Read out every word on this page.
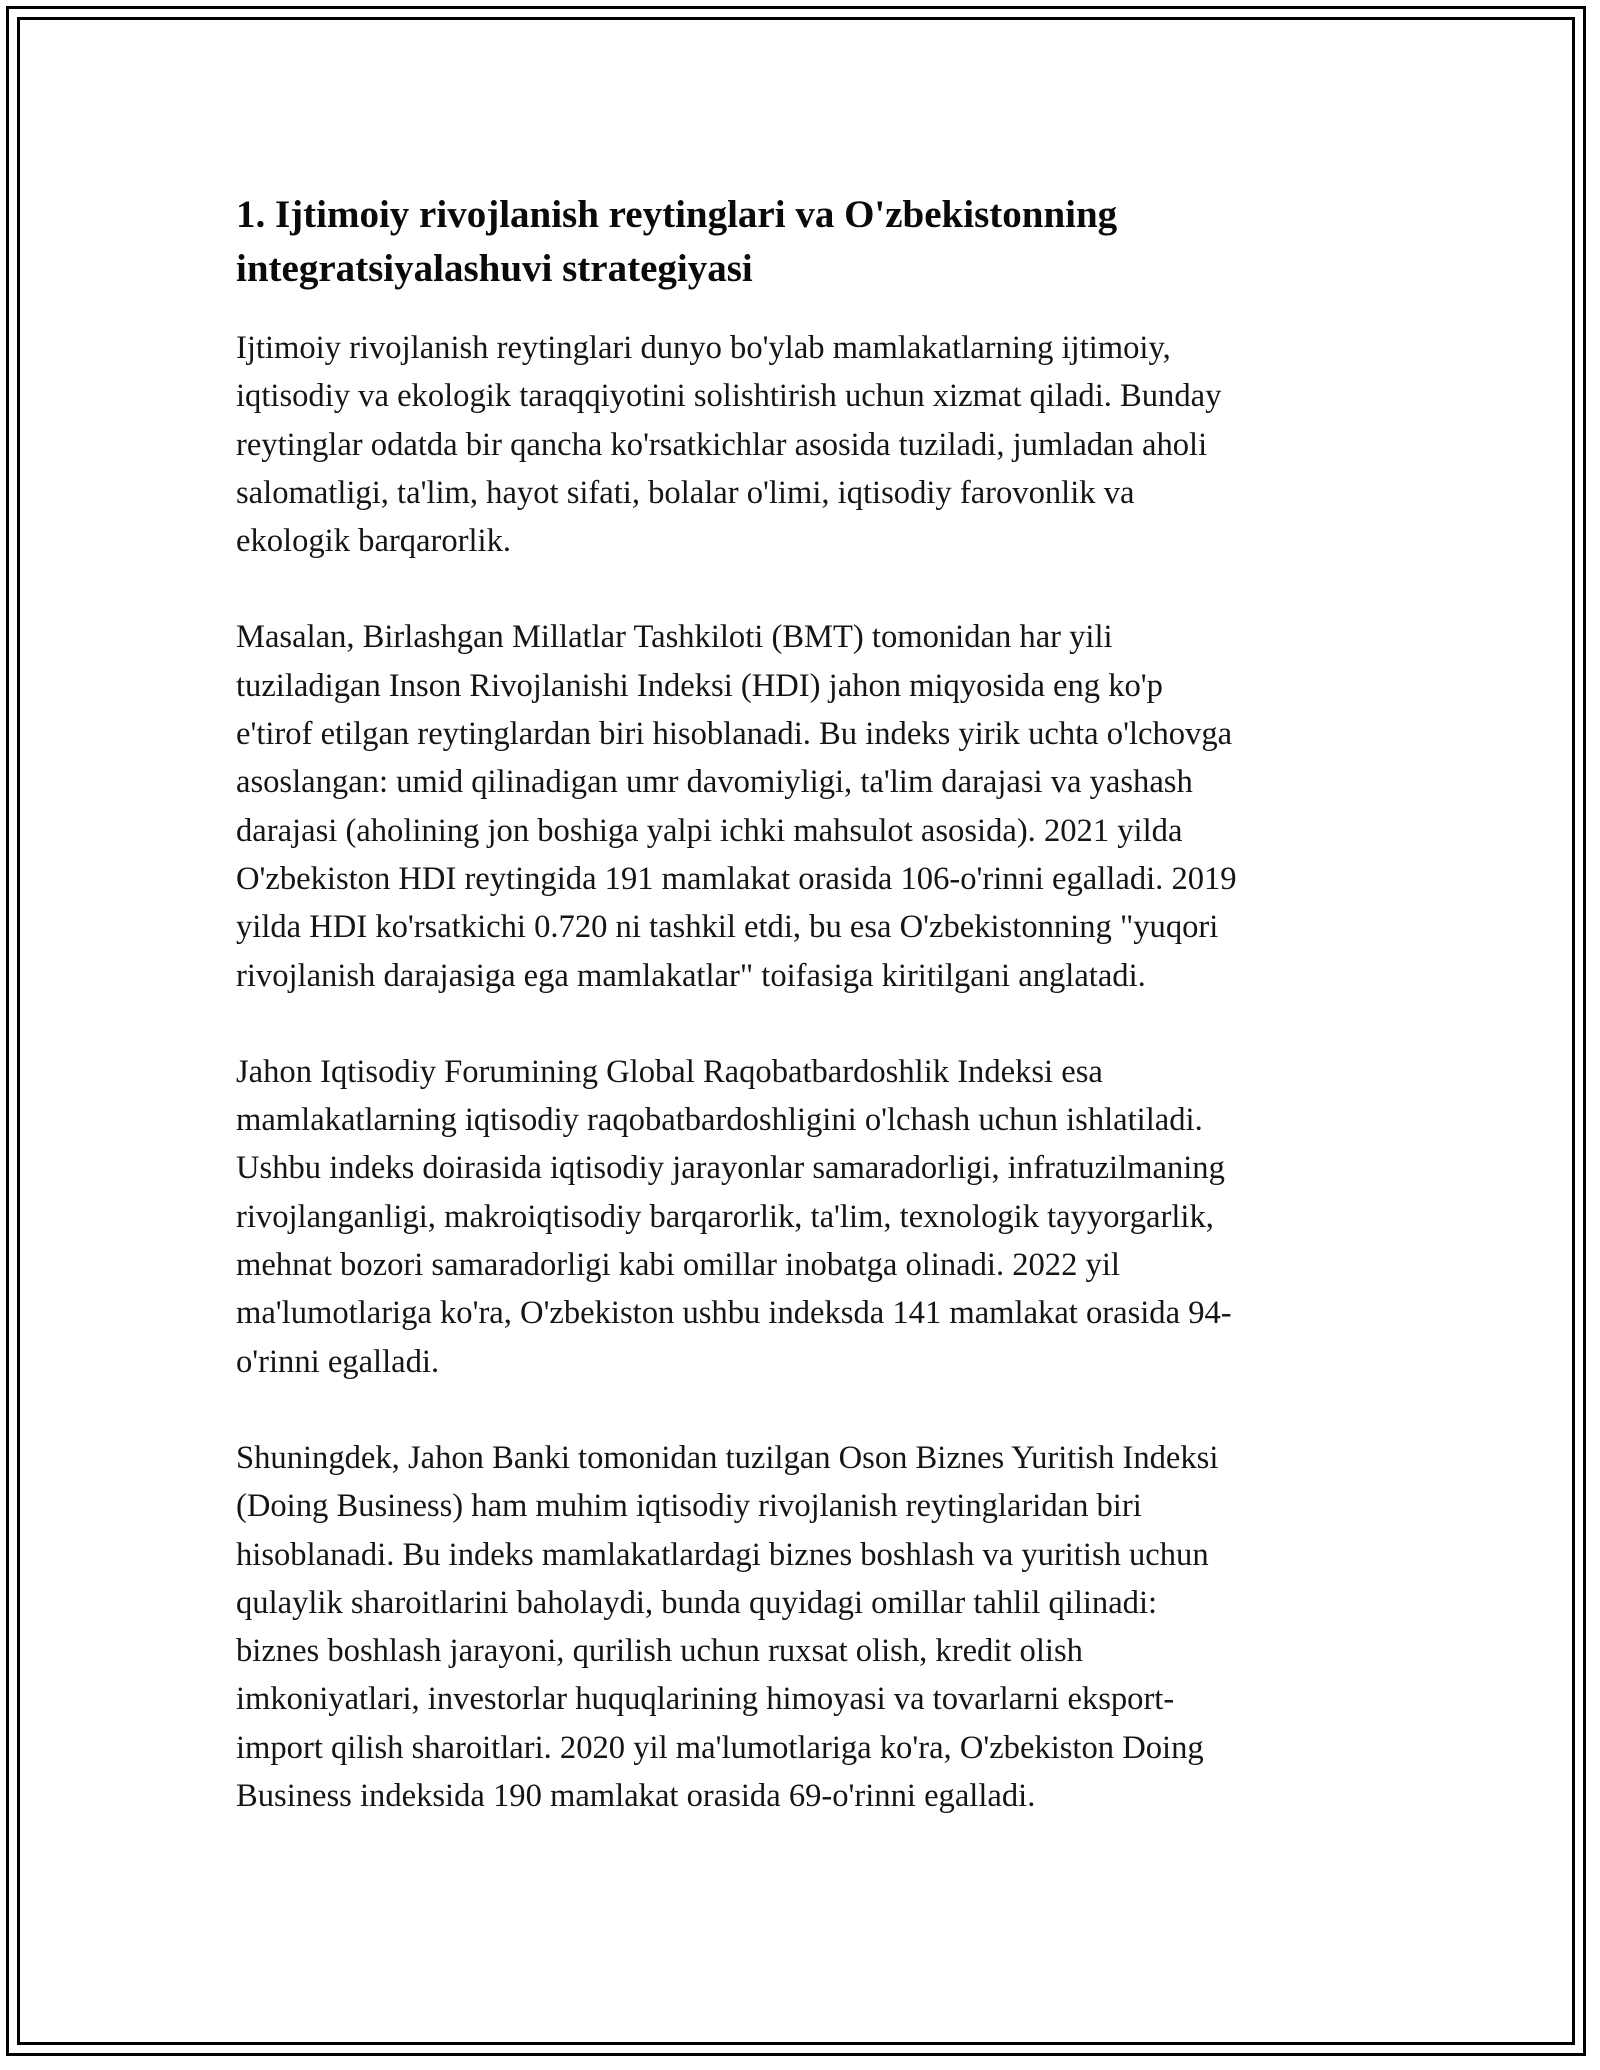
1. Ijtimoiy rivojlanish reytinglari va O'zbekistonning
integratsiyalashuvi strategiyasi

Ijtimoiy rivojlanish reytinglari dunyo bo'ylab mamlakatlarning ijtimoiy,
iqtisodiy va ekologik taraqqiyotini solishtirish uchun xizmat qiladi. Bunday
reytinglar odatda bir qancha ko'rsatkichlar asosida tuziladi, jumladan aholi
salomatligi, ta'lim, hayot sifati, bolalar o'limi, iqtisodiy farovonlik va
ekologik barqarorlik.

Masalan, Birlashgan Millatlar Tashkiloti (BMT) tomonidan har yili
tuziladigan Inson Rivojlanishi Indeksi (HDI) jahon miqyosida eng ko'p
e'tirof etilgan reytinglardan biri hisoblanadi. Bu indeks yirik uchta o'lchovga
asoslangan: umid qilinadigan umr davomiyligi, ta'lim darajasi va yashash
darajasi (aholining jon boshiga yalpi ichki mahsulot asosida). 2021 yilda
O'zbekiston HDI reytingida 191 mamlakat orasida 106-o'rinni egalladi. 2019
yilda HDI ko'rsatkichi 0.720 ni tashkil etdi, bu esa O'zbekistonning "yuqori
rivojlanish darajasiga ega mamlakatlar" toifasiga kiritilgani anglatadi.

Jahon Iqtisodiy Forumining Global Raqobatbardoshlik Indeksi esa
mamlakatlarning iqtisodiy raqobatbardoshligini o'lchash uchun ishlatiladi.
Ushbu indeks doirasida iqtisodiy jarayonlar samaradorligi, infratuzilmaning
rivojlanganligi, makroiqtisodiy barqarorlik, ta'lim, texnologik tayyorgarlik,
mehnat bozori samaradorligi kabi omillar inobatga olinadi. 2022 yil
ma'lumotlariga ko'ra, O'zbekiston ushbu indeksda 141 mamlakat orasida 94-
o'rinni egalladi.

Shuningdek, Jahon Banki tomonidan tuzilgan Oson Biznes Yuritish Indeksi
(Doing Business) ham muhim iqtisodiy rivojlanish reytinglaridan biri
hisoblanadi. Bu indeks mamlakatlardagi biznes boshlash va yuritish uchun
qulaylik sharoitlarini baholaydi, bunda quyidagi omillar tahlil qilinadi:
biznes boshlash jarayoni, qurilish uchun ruxsat olish, kredit olish
imkoniyatlari, investorlar huquqlarining himoyasi va tovarlarni eksport-
import qilish sharoitlari. 2020 yil ma'lumotlariga ko'ra, O'zbekiston Doing
Business indeksida 190 mamlakat orasida 69-o'rinni egalladi.
